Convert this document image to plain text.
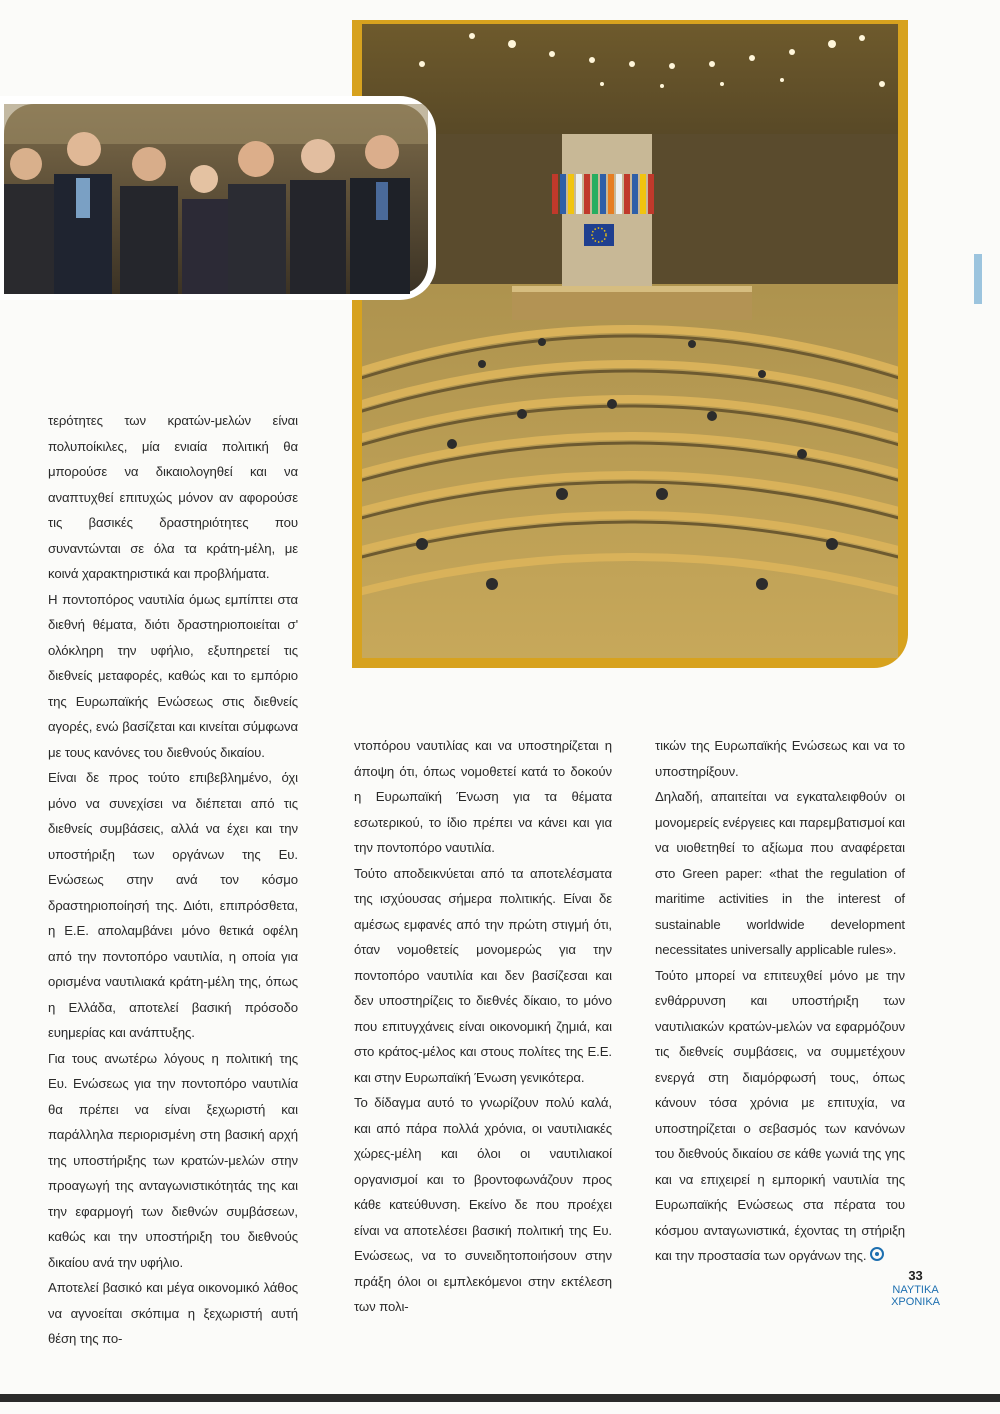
τερότητες των κρατών-μελών είναι πολυποίκιλες, μία ενιαία πολιτική θα μπορούσε να δικαιολογηθεί και να αναπτυχθεί επιτυχώς μόνον αν αφορούσε τις βασικές δραστηριότητες που συναντώνται σε όλα τα κράτη-μέλη, με κοινά χαρακτηριστικά και προβλήματα.

Η ποντοπόρος ναυτιλία όμως εμπίπτει στα διεθνή θέματα, διότι δραστηριοποιείται σ' ολόκληρη την υφήλιο, εξυπηρετεί τις διεθνείς μεταφορές, καθώς και το εμπόριο της Ευρωπαϊκής Ενώσεως στις διεθνείς αγορές, ενώ βασίζεται και κινείται σύμφωνα με τους κανόνες του διεθνούς δικαίου.

Είναι δε προς τούτο επιβεβλημένο, όχι μόνο να συνεχίσει να διέπεται από τις διεθνείς συμβάσεις, αλλά να έχει και την υποστήριξη των οργάνων της Ευ. Ενώσεως στην ανά τον κόσμο δραστηριοποίησή της. Διότι, επιπρόσθετα, η Ε.Ε. απολαμβάνει μόνο θετικά οφέλη από την ποντοπόρο ναυτιλία, η οποία για ορισμένα ναυτιλιακά κράτη-μέλη της, όπως η Ελλάδα, αποτελεί βασική πρόσοδο ευημερίας και ανάπτυξης.

Για τους ανωτέρω λόγους η πολιτική της Ευ. Ενώσεως για την ποντοπόρο ναυτιλία θα πρέπει να είναι ξεχωριστή και παράλληλα περιορισμένη στη βασική αρχή της υποστήριξης των κρατών-μελών στην προαγωγή της ανταγωνιστικότητάς της και την εφαρμογή των διεθνών συμβάσεων, καθώς και την υποστήριξη του διεθνούς δικαίου ανά την υφήλιο.

Αποτελεί βασικό και μέγα οικονομικό λάθος να αγνοείται σκόπιμα η ξεχωριστή αυτή θέση της πο-

ντοπόρου ναυτιλίας και να υποστηρίζεται η άποψη ότι, όπως νομοθετεί κατά το δοκούν η Ευρωπαϊκή Ένωση για τα θέματα εσωτερικού, το ίδιο πρέπει να κάνει και για την ποντοπόρο ναυτιλία.

Τούτο αποδεικνύεται από τα αποτελέσματα της ισχύουσας σήμερα πολιτικής. Είναι δε αμέσως εμφανές από την πρώτη στιγμή ότι, όταν νομοθετείς μονομερώς για την ποντοπόρο ναυτιλία και δεν βασίζεσαι και δεν υποστηρίζεις το διεθνές δίκαιο, το μόνο που επιτυγχάνεις είναι οικονομική ζημιά, και στο κράτος-μέλος και στους πολίτες της Ε.Ε. και στην Ευρωπαϊκή Ένωση γενικότερα.

Το δίδαγμα αυτό το γνωρίζουν πολύ καλά, και από πάρα πολλά χρόνια, οι ναυτιλιακές χώρες-μέλη και όλοι οι ναυτιλιακοί οργανισμοί και το βροντοφωνάζουν προς κάθε κατεύθυνση. Εκείνο δε που προέχει είναι να αποτελέσει βασική πολιτική της Ευ. Ενώσεως, να το συνειδητοποιήσουν στην πράξη όλοι οι εμπλεκόμενοι στην εκτέλεση των πολι-

τικών της Ευρωπαϊκής Ενώσεως και να το υποστηρίξουν.

Δηλαδή, απαιτείται να εγκαταλειφθούν οι μονομερείς ενέργειες και παρεμβατισμοί και να υιοθετηθεί το αξίωμα που αναφέρεται στο Green paper: «that the regulation of maritime activities in the interest of sustainable worldwide development necessitates universally applicable rules».

Τούτο μπορεί να επιτευχθεί μόνο με την ενθάρρυνση και υποστήριξη των ναυτιλιακών κρατών-μελών να εφαρμόζουν τις διεθνείς συμβάσεις, να συμμετέχουν ενεργά στη διαμόρφωσή τους, όπως κάνουν τόσα χρόνια με επιτυχία, να υποστηρίζεται ο σεβασμός των κανόνων του διεθνούς δικαίου σε κάθε γωνιά της γης και να επιχειρεί η εμπορική ναυτιλία της Ευρωπαϊκής Ενώσεως στα πέρατα του κόσμου ανταγωνιστικά, έχοντας τη στήριξη και την προστασία των οργάνων της.

33
ΝΑΥΤΙΚΑ
ΧΡΟΝΙΚΑ
